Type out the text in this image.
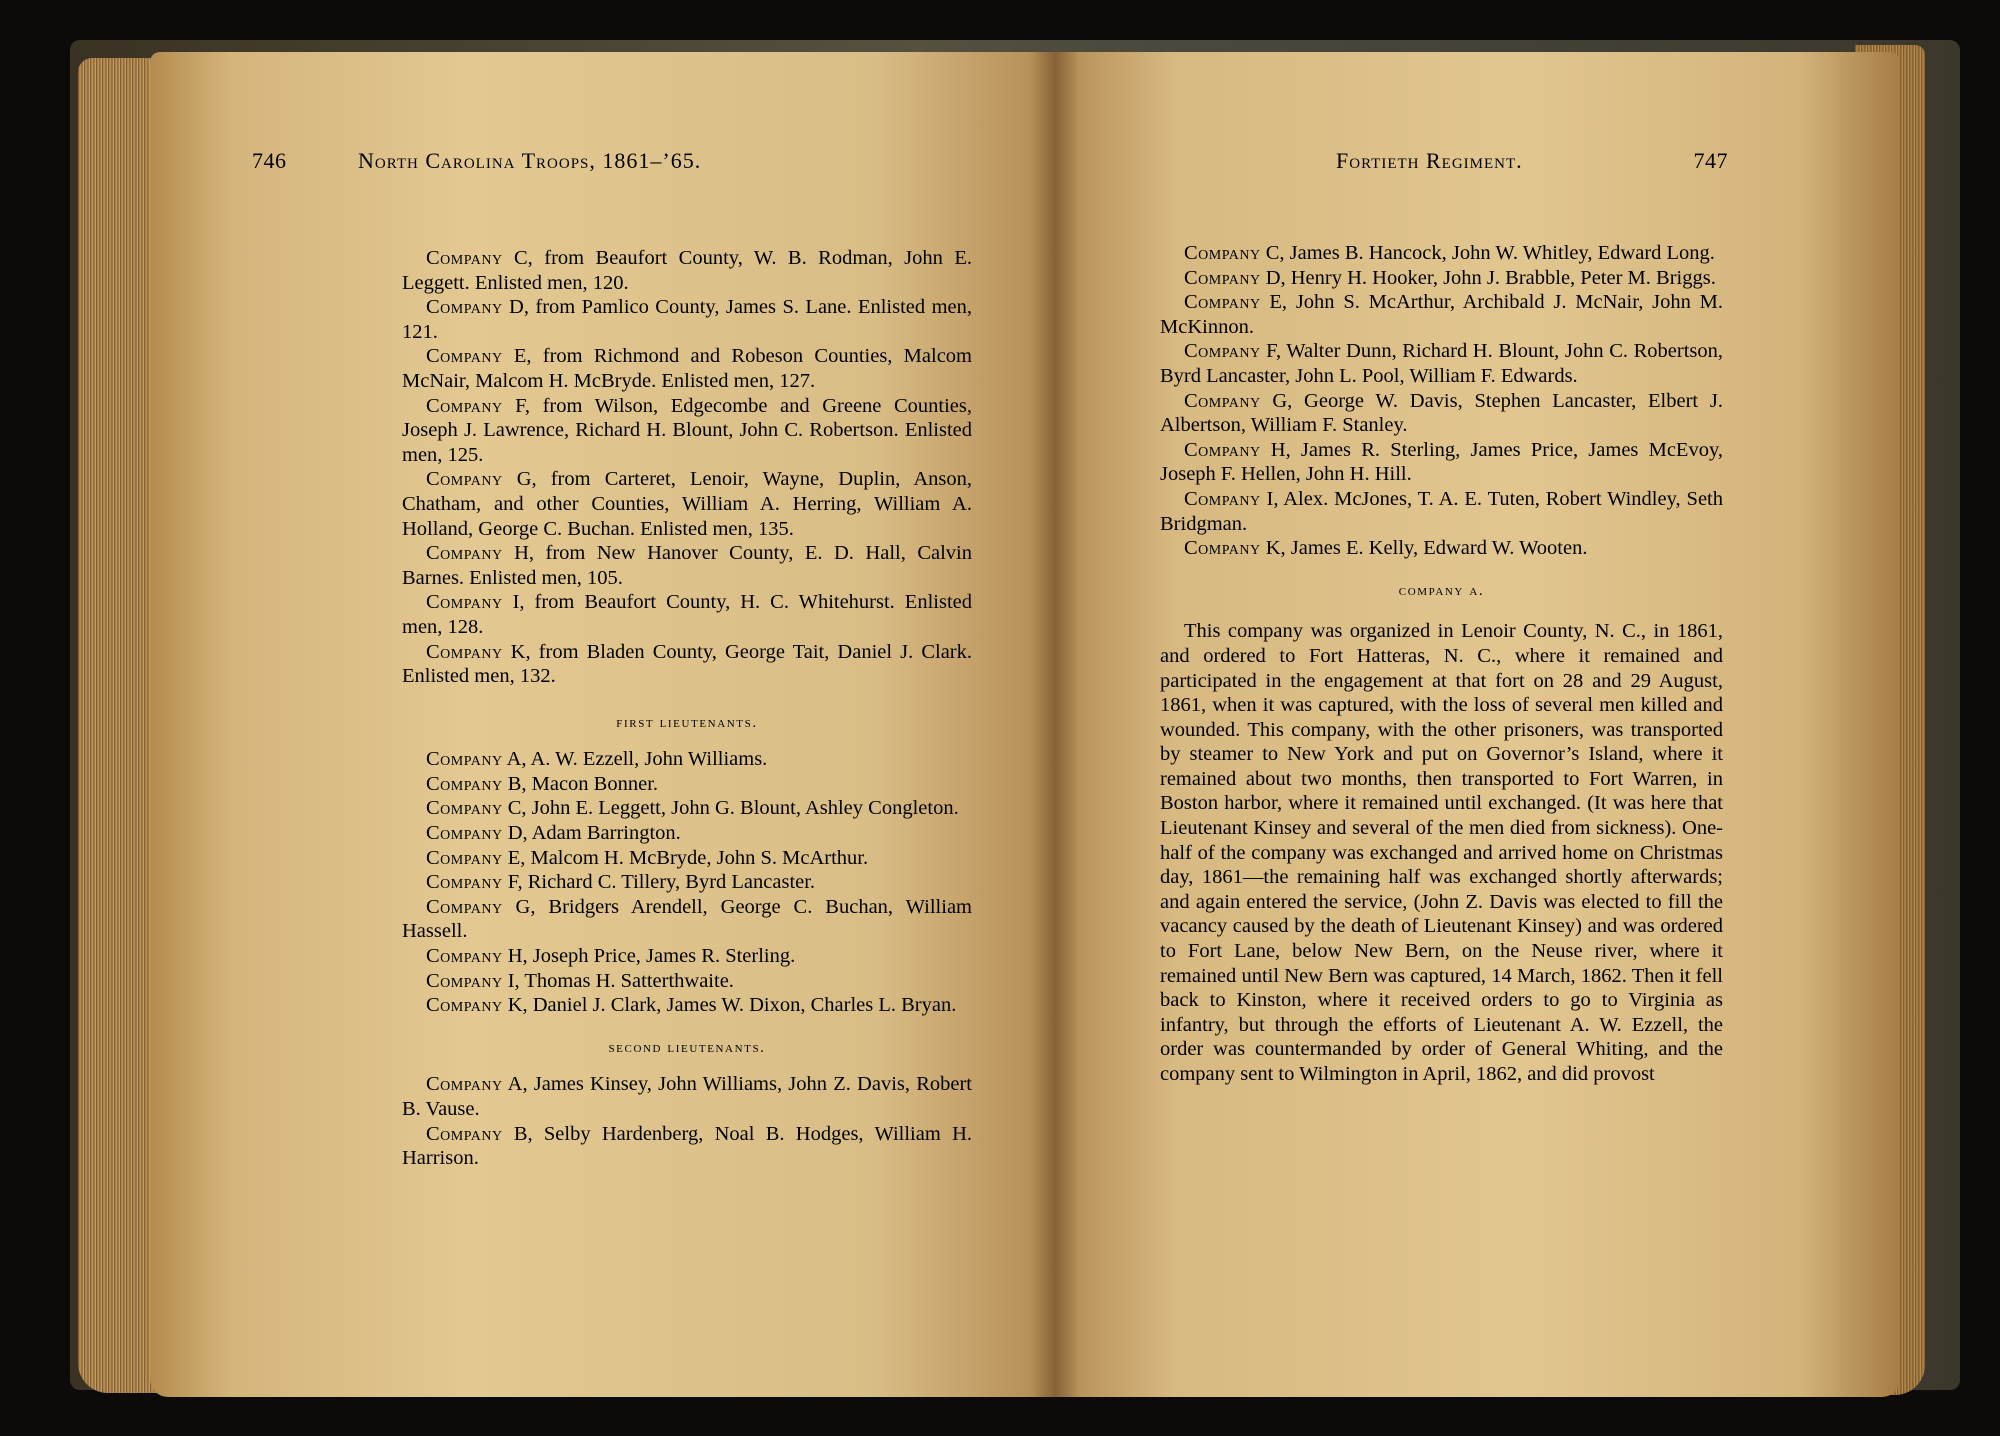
746	North Carolina Troops, 1861–’65.	Fortieth Regiment.	747

Company C, from Beaufort County, W. B. Rodman, John E. Leggett. Enlisted men, 120.

Company D, from Pamlico County, James S. Lane. Enlisted men, 121.

Company E, from Richmond and Robeson Counties, Malcom McNair, Malcom H. McBryde. Enlisted men, 127.

Company F, from Wilson, Edgecombe and Greene Counties, Joseph J. Lawrence, Richard H. Blount, John C. Robertson. Enlisted men, 125.

Company G, from Carteret, Lenoir, Wayne, Duplin, Anson, Chatham, and other Counties, William A. Herring, William A. Holland, George C. Buchan. Enlisted men, 135.

Company H, from New Hanover County, E. D. Hall, Calvin Barnes. Enlisted men, 105.

Company I, from Beaufort County, H. C. Whitehurst. Enlisted men, 128.

Company K, from Bladen County, George Tait, Daniel J. Clark. Enlisted men, 132.

first lieutenants.

Company A, A. W. Ezzell, John Williams.

Company B, Macon Bonner.

Company C, John E. Leggett, John G. Blount, Ashley Congleton.

Company D, Adam Barrington.

Company E, Malcom H. McBryde, John S. McArthur.

Company F, Richard C. Tillery, Byrd Lancaster.

Company G, Bridgers Arendell, George C. Buchan, William Hassell.

Company H, Joseph Price, James R. Sterling.

Company I, Thomas H. Satterthwaite.

Company K, Daniel J. Clark, James W. Dixon, Charles L. Bryan.

second lieutenants.

Company A, James Kinsey, John Williams, John Z. Davis, Robert B. Vause.

Company B, Selby Hardenberg, Noal B. Hodges, William H. Harrison.

Company C, James B. Hancock, John W. Whitley, Edward Long.

Company D, Henry H. Hooker, John J. Brabble, Peter M. Briggs.

Company E, John S. McArthur, Archibald J. McNair, John M. McKinnon.

Company F, Walter Dunn, Richard H. Blount, John C. Robertson, Byrd Lancaster, John L. Pool, William F. Edwards.

Company G, George W. Davis, Stephen Lancaster, Elbert J. Albertson, William F. Stanley.

Company H, James R. Sterling, James Price, James McEvoy, Joseph F. Hellen, John H. Hill.

Company I, Alex. McJones, T. A. E. Tuten, Robert Windley, Seth Bridgman.

Company K, James E. Kelly, Edward W. Wooten.

company a.

This company was organized in Lenoir County, N. C., in 1861, and ordered to Fort Hatteras, N. C., where it remained and participated in the engagement at that fort on 28 and 29 August, 1861, when it was captured, with the loss of several men killed and wounded. This company, with the other prisoners, was transported by steamer to New York and put on Governor’s Island, where it remained about two months, then transported to Fort Warren, in Boston harbor, where it remained until exchanged. (It was here that Lieutenant Kinsey and several of the men died from sickness). One-half of the company was exchanged and arrived home on Christmas day, 1861—the remaining half was exchanged shortly afterwards; and again entered the service, (John Z. Davis was elected to fill the vacancy caused by the death of Lieutenant Kinsey) and was ordered to Fort Lane, below New Bern, on the Neuse river, where it remained until New Bern was captured, 14 March, 1862. Then it fell back to Kinston, where it received orders to go to Virginia as infantry, but through the efforts of Lieutenant A. W. Ezzell, the order was countermanded by order of General Whiting, and the company sent to Wilmington in April, 1862, and did provost
